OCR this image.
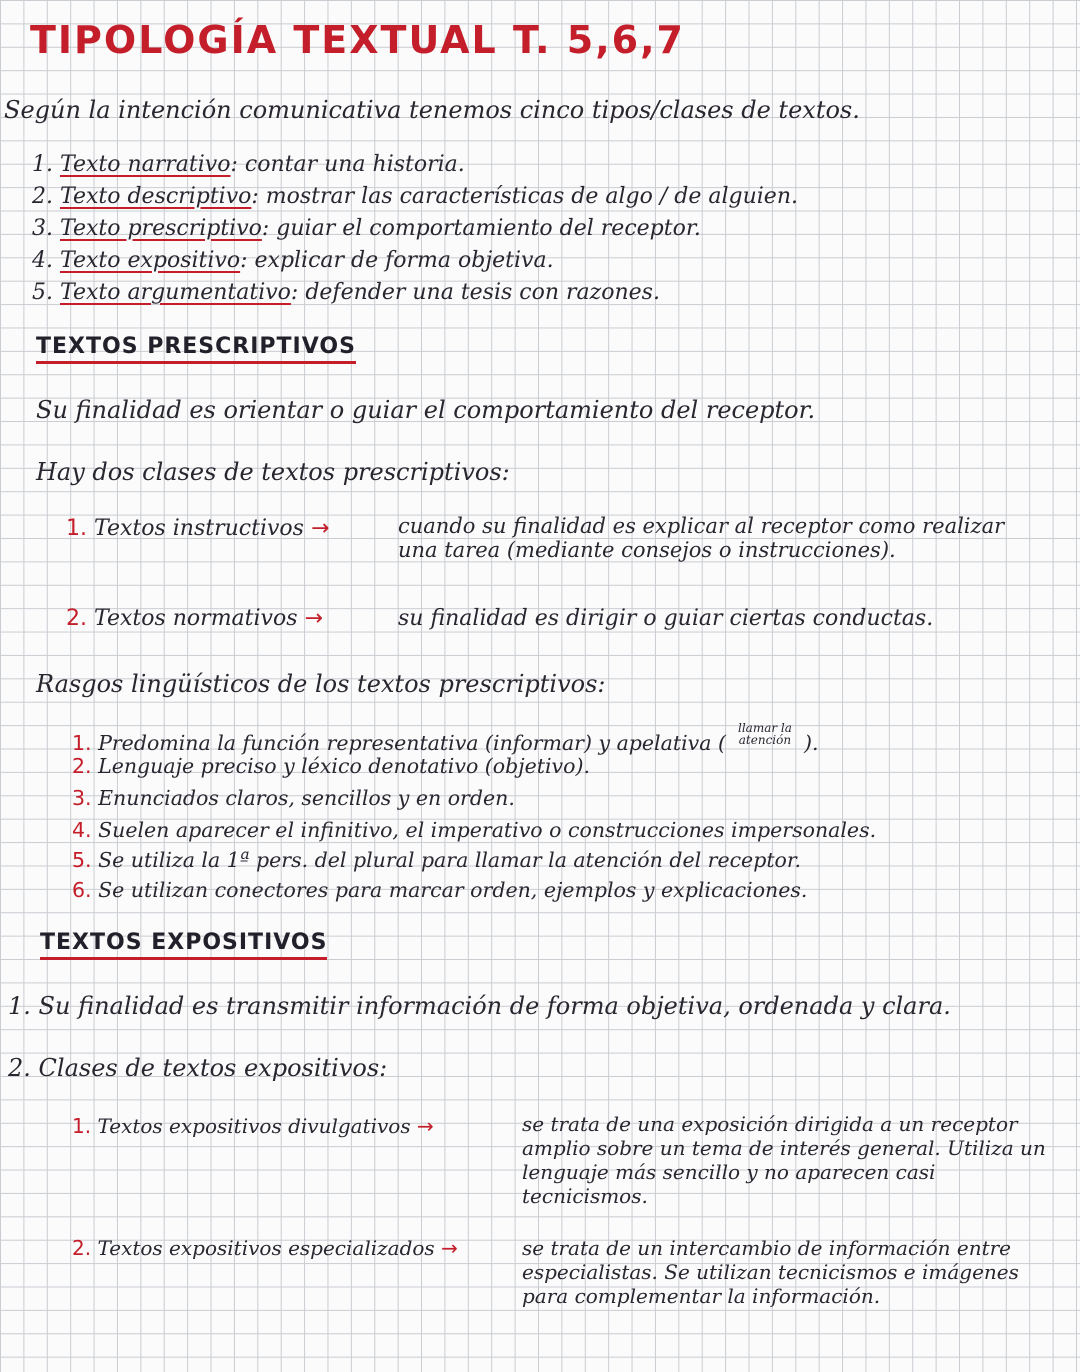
TIPOLOGÍA TEXTUAL T. 5,6,7
Según la intención comunicativa tenemos cinco tipos/clases de textos.
1. Texto narrativo: contar una historia.
2. Texto descriptivo: mostrar las características de algo / de alguien.
3. Texto prescriptivo: guiar el comportamiento del receptor.
4. Texto expositivo: explicar de forma objetiva.
5. Texto argumentativo: defender una tesis con razones.
TEXTOS PRESCRIPTIVOS
Su finalidad es orientar o guiar el comportamiento del receptor.
Hay dos clases de textos prescriptivos:
1. Textos instructivos →	cuando su finalidad es explicar al receptor como realizar una tarea (mediante consejos o instrucciones).
2. Textos normativos →	su finalidad es dirigir o guiar ciertas conductas.
Rasgos lingüísticos de los textos prescriptivos:
1. Predomina la función representativa (informar) y apelativa (llamar la atención ).
2. Lenguaje preciso y léxico denotativo (objetivo).
3. Enunciados claros, sencillos y en orden.
4. Suelen aparecer el infinitivo, el imperativo o construcciones impersonales.
5. Se utiliza la 1ª pers. del plural para llamar la atención del receptor.
6. Se utilizan conectores para marcar orden, ejemplos y explicaciones.
TEXTOS EXPOSITIVOS
1. Su finalidad es transmitir información de forma objetiva, ordenada y clara.
2. Clases de textos expositivos:
1. Textos expositivos divulgativos →	se trata de una exposición dirigida a un receptor amplio sobre un tema de interés general. Utiliza un lenguaje más sencillo y no aparecen casi tecnicismos.
2. Textos expositivos especializados →	se trata de un intercambio de información entre especialistas. Se utilizan tecnicismos e imágenes para complementar la información.
